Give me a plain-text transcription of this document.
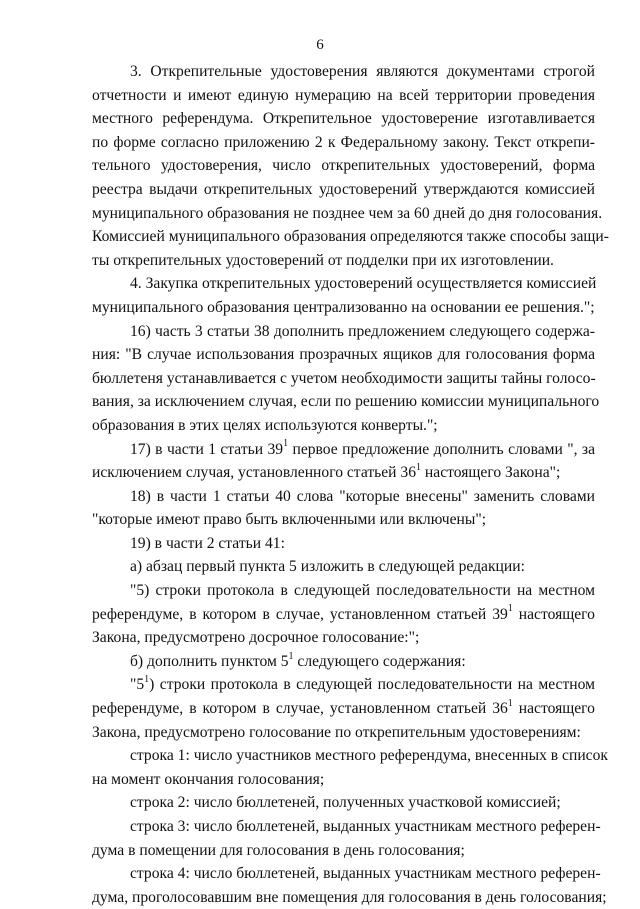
6
3. Открепительные удостоверения являются документами строгой
отчетности и имеют единую нумерацию на всей территории проведения
местного референдума. Открепительное удостоверение изготавливается
по форме согласно приложению 2 к Федеральному закону. Текст открепи-
тельного удостоверения, число открепительных удостоверений, форма
реестра выдачи открепительных удостоверений утверждаются комиссией
муниципального образования не позднее чем за 60 дней до дня голосования.
Комиссией муниципального образования определяются также способы защи-
ты открепительных удостоверений от подделки при их изготовлении.
4. Закупка открепительных удостоверений осуществляется комиссией
муниципального образования централизованно на основании ее решения.";
16) часть 3 статьи 38 дополнить предложением следующего содержа-
ния: "В случае использования прозрачных ящиков для голосования форма
бюллетеня устанавливается с учетом необходимости защиты тайны голосо-
вания, за исключением случая, если по решению комиссии муниципального
образования в этих целях используются конверты.";
17) в части 1 статьи $39^1$ первое предложение дополнить словами ", за
исключением случая, установленного статьей $36^1$ настоящего Закона";
18) в части 1 статьи 40 слова "которые внесены" заменить словами
"которые имеют право быть включенными или включены";
19) в части 2 статьи 41:
а) абзац первый пункта 5 изложить в следующей редакции:
"5) строки протокола в следующей последовательности на местном
референдуме, в котором в случае, установленном статьей $39^1$ настоящего
Закона, предусмотрено досрочное голосование:";
б) дополнить пунктом $5^1$ следующего содержания:
"$5^1$) строки протокола в следующей последовательности на местном
референдуме, в котором в случае, установленном статьей $36^1$ настоящего
Закона, предусмотрено голосование по открепительным удостоверениям:
строка 1: число участников местного референдума, внесенных в список
на момент окончания голосования;
строка 2: число бюллетеней, полученных участковой комиссией;
строка 3: число бюллетеней, выданных участникам местного референ-
дума в помещении для голосования в день голосования;
строка 4: число бюллетеней, выданных участникам местного референ-
дума, проголосовавшим вне помещения для голосования в день голосования;
